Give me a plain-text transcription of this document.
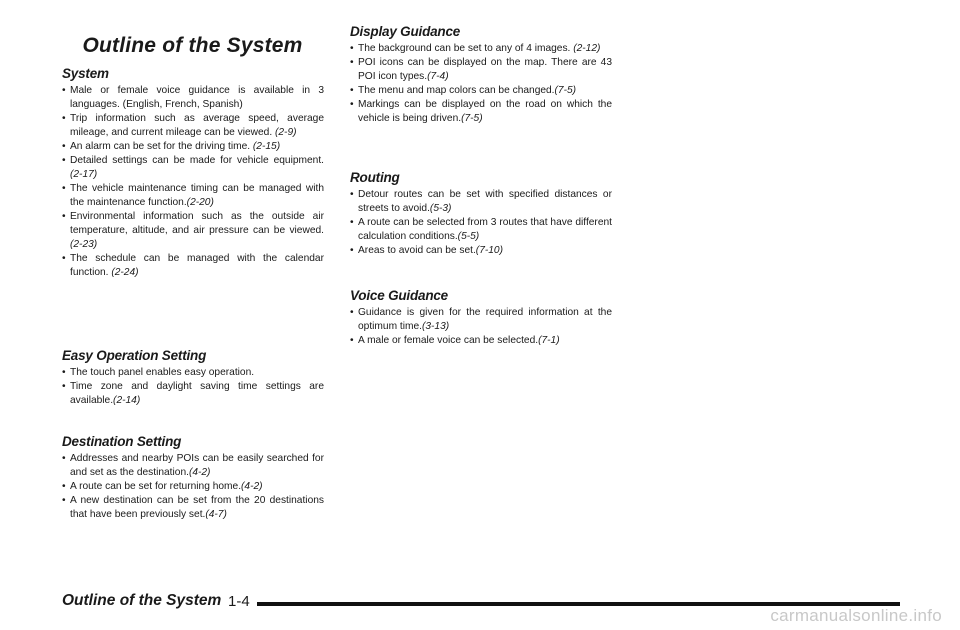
Outline of the System
System
• Male or female voice guidance is available in 3 languages. (English, French, Spanish)
• Trip information such as average speed, average mileage, and current mileage can be viewed. (2-9)
• An alarm can be set for the driving time. (2-15)
• Detailed settings can be made for vehicle equipment. (2-17)
• The vehicle maintenance timing can be managed with the maintenance function.(2-20)
• Environmental information such as the outside air temperature, altitude, and air pressure can be viewed. (2-23)
• The schedule can be managed with the calendar function. (2-24)
Easy Operation Setting
• The touch panel enables easy operation.
• Time zone and daylight saving time settings are available.(2-14)
Destination Setting
• Addresses and nearby POIs can be easily searched for and set as the destination.(4-2)
• A route can be set for returning home.(4-2)
• A new destination can be set from the 20 destinations that have been previously set.(4-7)
Display Guidance
• The background can be set to any of 4 images. (2-12)
• POI icons can be displayed on the map. There are 43 POI icon types.(7-4)
• The menu and map colors can be changed.(7-5)
• Markings can be displayed on the road on which the vehicle is being driven.(7-5)
Routing
• Detour routes can be set with specified distances or streets to avoid.(5-3)
• A route can be selected from 3 routes that have different calculation conditions.(5-5)
• Areas to avoid can be set.(7-10)
Voice Guidance
• Guidance is given for the required information at the optimum time.(3-13)
• A male or female voice can be selected.(7-1)
Outline of the System 1-4
carmanualsonline.info
